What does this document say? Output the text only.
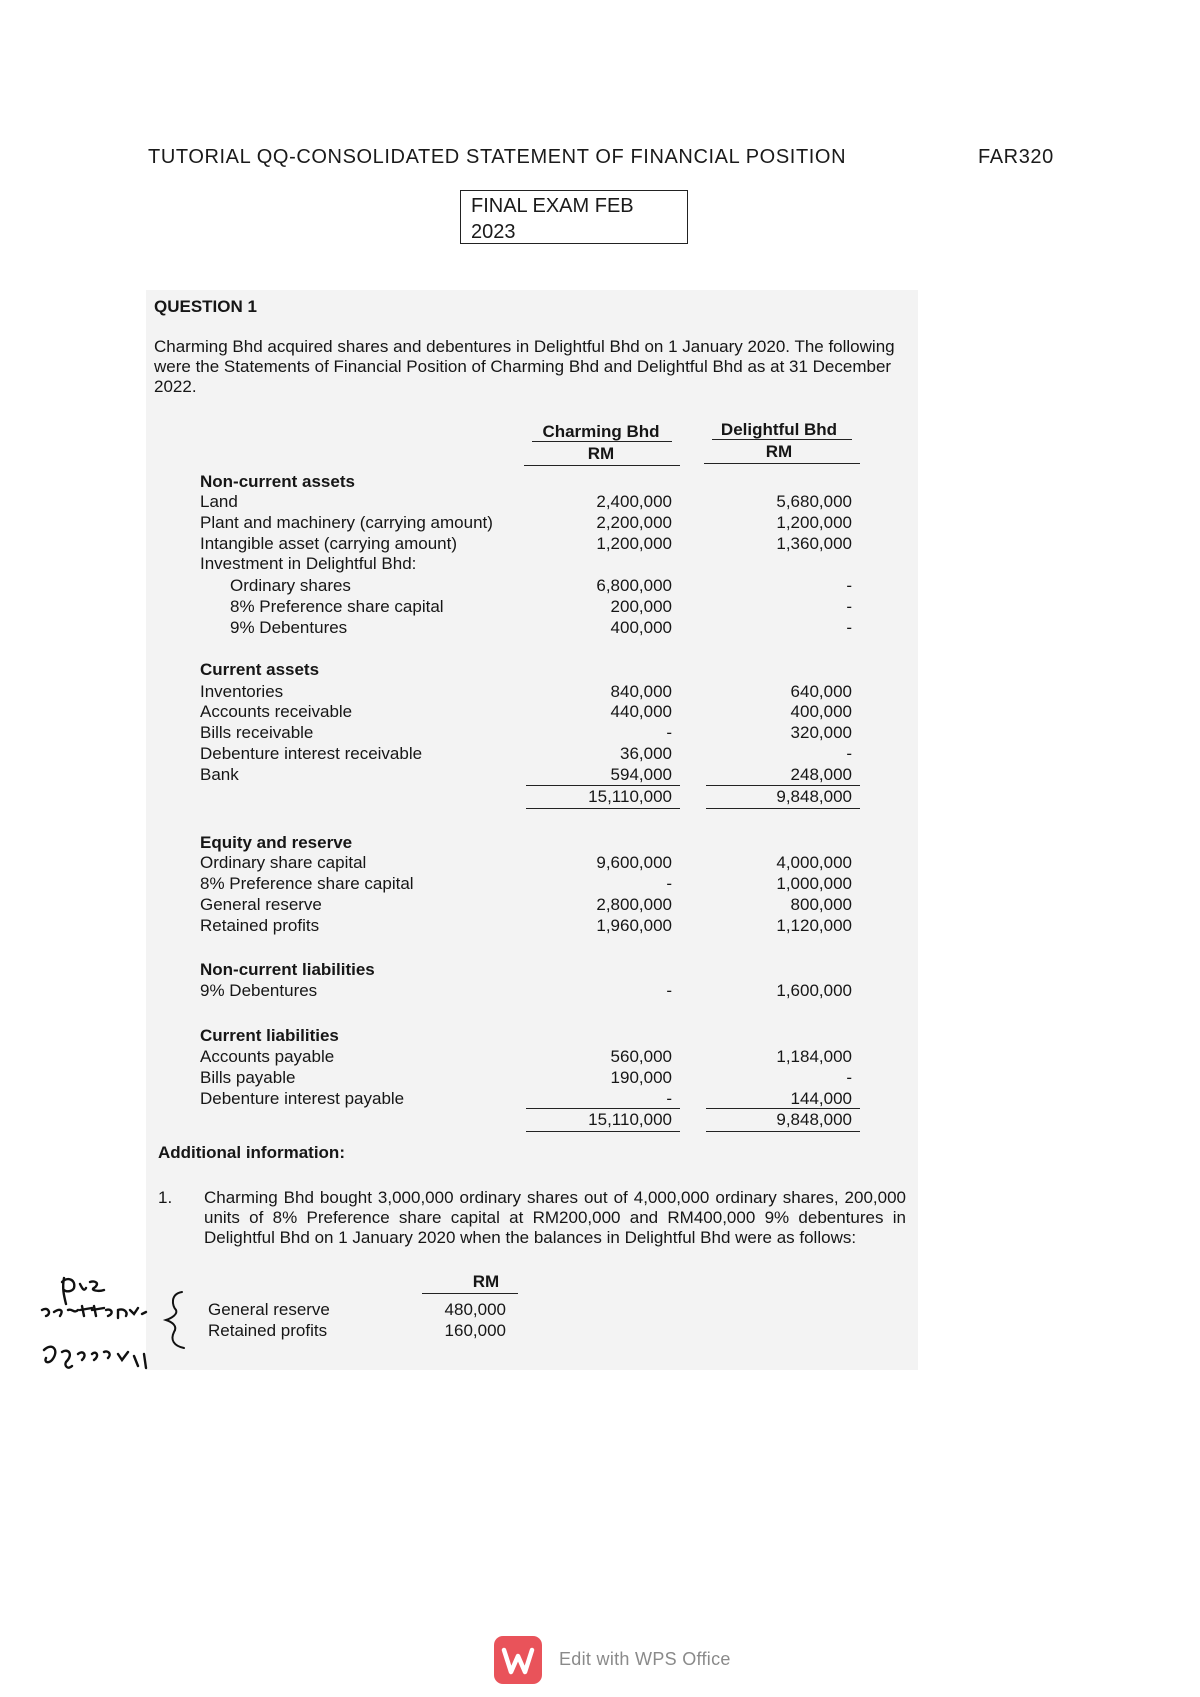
TUTORIAL QQ-CONSOLIDATED STATEMENT OF FINANCIAL POSITION	FAR320
FINAL EXAM FEB 2023
QUESTION 1
Charming Bhd acquired shares and debentures in Delightful Bhd on 1 January 2020. The following were the Statements of Financial Position of Charming Bhd and Delightful Bhd as at 31 December 2022.
Charming Bhd	Delightful Bhd
RM	RM
Non-current assets
Land	2,400,000	5,680,000
Plant and machinery (carrying amount)	2,200,000	1,200,000
Intangible asset (carrying amount)	1,200,000	1,360,000
Investment in Delightful Bhd:
Ordinary shares	6,800,000	-
8% Preference share capital	200,000	-
9% Debentures	400,000	-
Current assets
Inventories	840,000	640,000
Accounts receivable	440,000	400,000
Bills receivable	-	320,000
Debenture interest receivable	36,000	-
Bank	594,000	248,000
15,110,000	9,848,000
Equity and reserve
Ordinary share capital	9,600,000	4,000,000
8% Preference share capital	-	1,000,000
General reserve	2,800,000	800,000
Retained profits	1,960,000	1,120,000
Non-current liabilities
9% Debentures	-	1,600,000
Current liabilities
Accounts payable	560,000	1,184,000
Bills payable	190,000	-
Debenture interest payable	-	144,000
15,110,000	9,848,000
Additional information:
1. Charming Bhd bought 3,000,000 ordinary shares out of 4,000,000 ordinary shares, 200,000 units of 8% Preference share capital at RM200,000 and RM400,000 9% debentures in Delightful Bhd on 1 January 2020 when the balances in Delightful Bhd were as follows:
RM
General reserve	480,000
Retained profits	160,000
Edit with WPS Office
